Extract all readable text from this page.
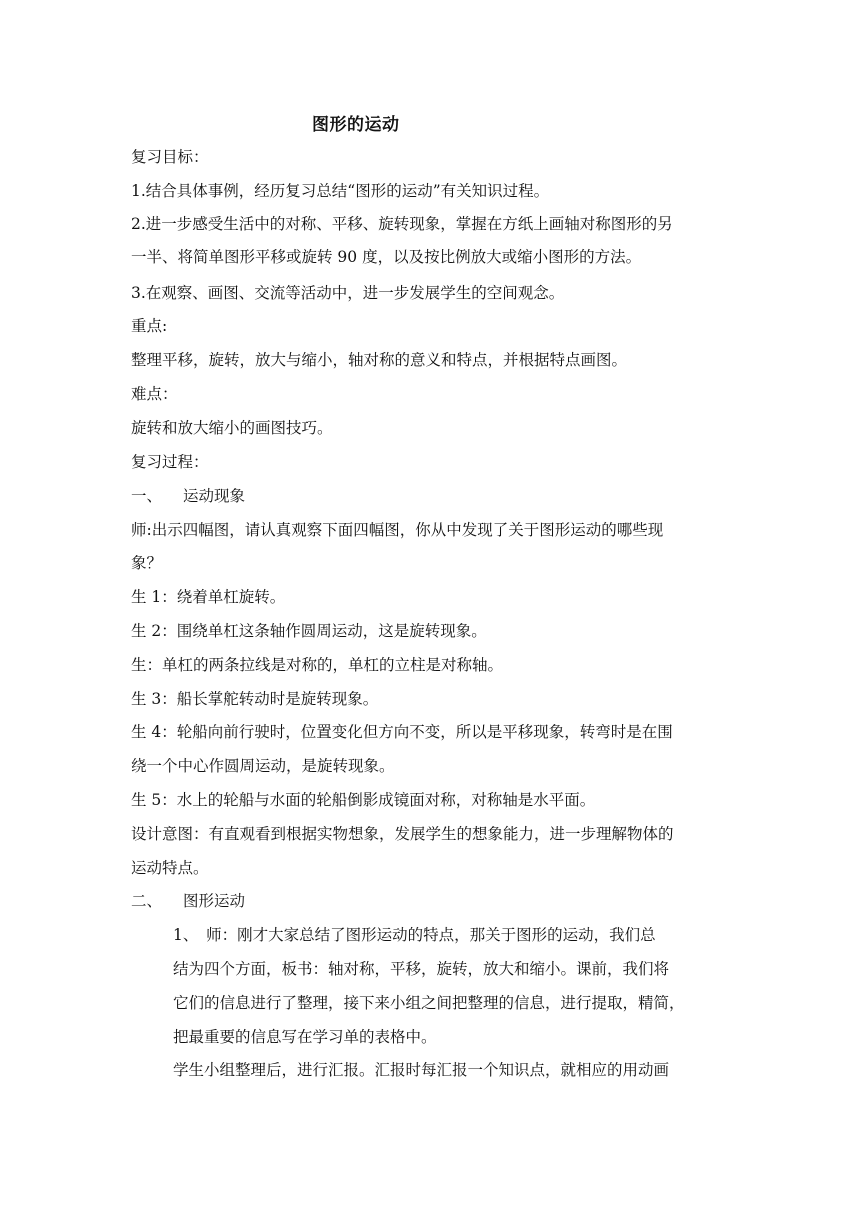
图形的运动
复习目标：
1.结合具体事例，经历复习总结“图形的运动”有关知识过程。
2.进一步感受生活中的对称、平移、旋转现象，掌握在方纸上画轴对称图形的另
一半、将简单图形平移或旋转 90 度，以及按比例放大或缩小图形的方法。
3.在观察、画图、交流等活动中，进一步发展学生的空间观念。
重点:
整理平移，旋转，放大与缩小，轴对称的意义和特点，并根据特点画图。
难点：
旋转和放大缩小的画图技巧。
复习过程：
一、 运动现象
师:出示四幅图，请认真观察下面四幅图，你从中发现了关于图形运动的哪些现
象？
生 1：绕着单杠旋转。
生 2：围绕单杠这条轴作圆周运动，这是旋转现象。
生：单杠的两条拉线是对称的，单杠的立柱是对称轴。
生 3：船长掌舵转动时是旋转现象。
生 4：轮船向前行驶时，位置变化但方向不变，所以是平移现象，转弯时是在围
绕一个中心作圆周运动，是旋转现象。
生 5：水上的轮船与水面的轮船倒影成镜面对称，对称轴是水平面。
设计意图：有直观看到根据实物想象，发展学生的想象能力，进一步理解物体的
运动特点。
二、 图形运动
1、　师：刚才大家总结了图形运动的特点，那关于图形的运动，我们总
结为四个方面，板书：轴对称，平移，旋转，放大和缩小。课前，我们将
它们的信息进行了整理，接下来小组之间把整理的信息，进行提取，精简，
把最重要的信息写在学习单的表格中。
学生小组整理后，进行汇报。汇报时每汇报一个知识点，就相应的用动画
